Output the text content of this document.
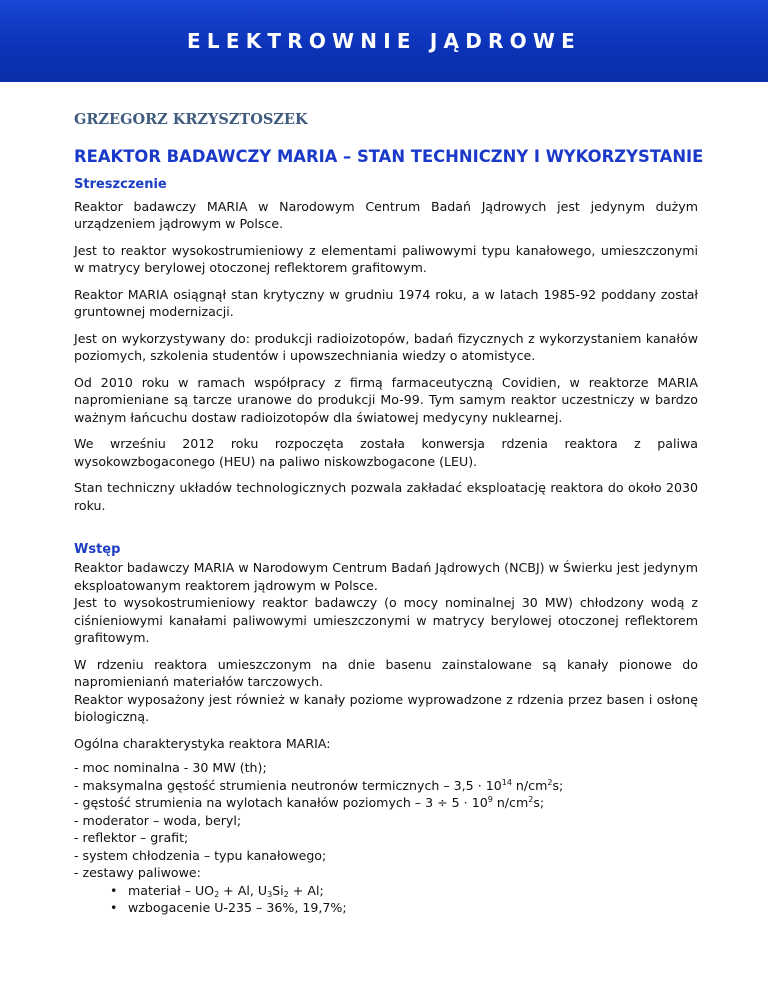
ELEKTROWNIE JĄDROWE
GRZEGORZ KRZYSZTOSZEK
REAKTOR BADAWCZY MARIA – STAN TECHNICZNY I WYKORZYSTANIE
Streszczenie

Reaktor badawczy MARIA w Narodowym Centrum Badań Jądrowych jest jedynym dużym urządzeniem jądrowym w Polsce.

Jest to reaktor wysokostrumieniowy z elementami paliwowymi typu kanałowego, umieszczonymi w matrycy berylowej otoczonej reflektorem grafitowym.

Reaktor MARIA osiągnął stan krytyczny w grudniu 1974 roku, a w latach 1985-92 poddany został gruntownej modernizacji.

Jest on wykorzystywany do: produkcji radioizotopów, badań fizycznych z wykorzystaniem kanałów poziomych, szkolenia studentów i upowszechniania wiedzy o atomistyce.

Od 2010 roku w ramach współpracy z firmą farmaceutyczną Covidien, w reaktorze MARIA napromieniane są tarcze uranowe do produkcji Mo-99. Tym samym reaktor uczestniczy w bardzo ważnym łańcuchu dostaw radioizotopów dla światowej medycyny nuklearnej.

We wrześniu 2012 roku rozpoczęta została konwersja rdzenia reaktora z paliwa wysokowzbogaconego (HEU) na paliwo niskowzbogacone (LEU).

Stan techniczny układów technologicznych pozwala zakładać eksploatację reaktora do około 2030 roku.

Wstęp

Reaktor badawczy MARIA w Narodowym Centrum Badań Jądrowych (NCBJ) w Świerku jest jedynym eksploatowanym reaktorem jądrowym w Polsce.

Jest to wysokostrumieniowy reaktor badawczy (o mocy nominalnej 30 MW) chłodzony wodą z ciśnieniowymi kanałami paliwowymi umieszczonymi w matrycy berylowej otoczonej reflektorem grafitowym.

W rdzeniu reaktora umieszczonym na dnie basenu zainstalowane są kanały pionowe do napromienianń materiałów tarczowych.

Reaktor wyposażony jest również w kanały poziome wyprowadzone z rdzenia przez basen i osłonę biologiczną.

Ogólna charakterystyka reaktora MARIA:

- moc nominalna - 30 MW (th);
- maksymalna gęstość strumienia neutronów termicznych – $3,5 \cdot 10^{14}$ $n/cm^2s$;
- gęstość strumienia na wylotach kanałów poziomych – $3 \div 5 \cdot 10^9$ $n/cm^2s$;
- moderator – woda, beryl;
- reflektor – grafit;
- system chłodzenia – typu kanałowego;
- zestawy paliwowe:
• materiał – $UO_2 + Al$, $U_3Si_2 + Al$;
• wzbogacenie U-235 – 36%, 19,7%;
